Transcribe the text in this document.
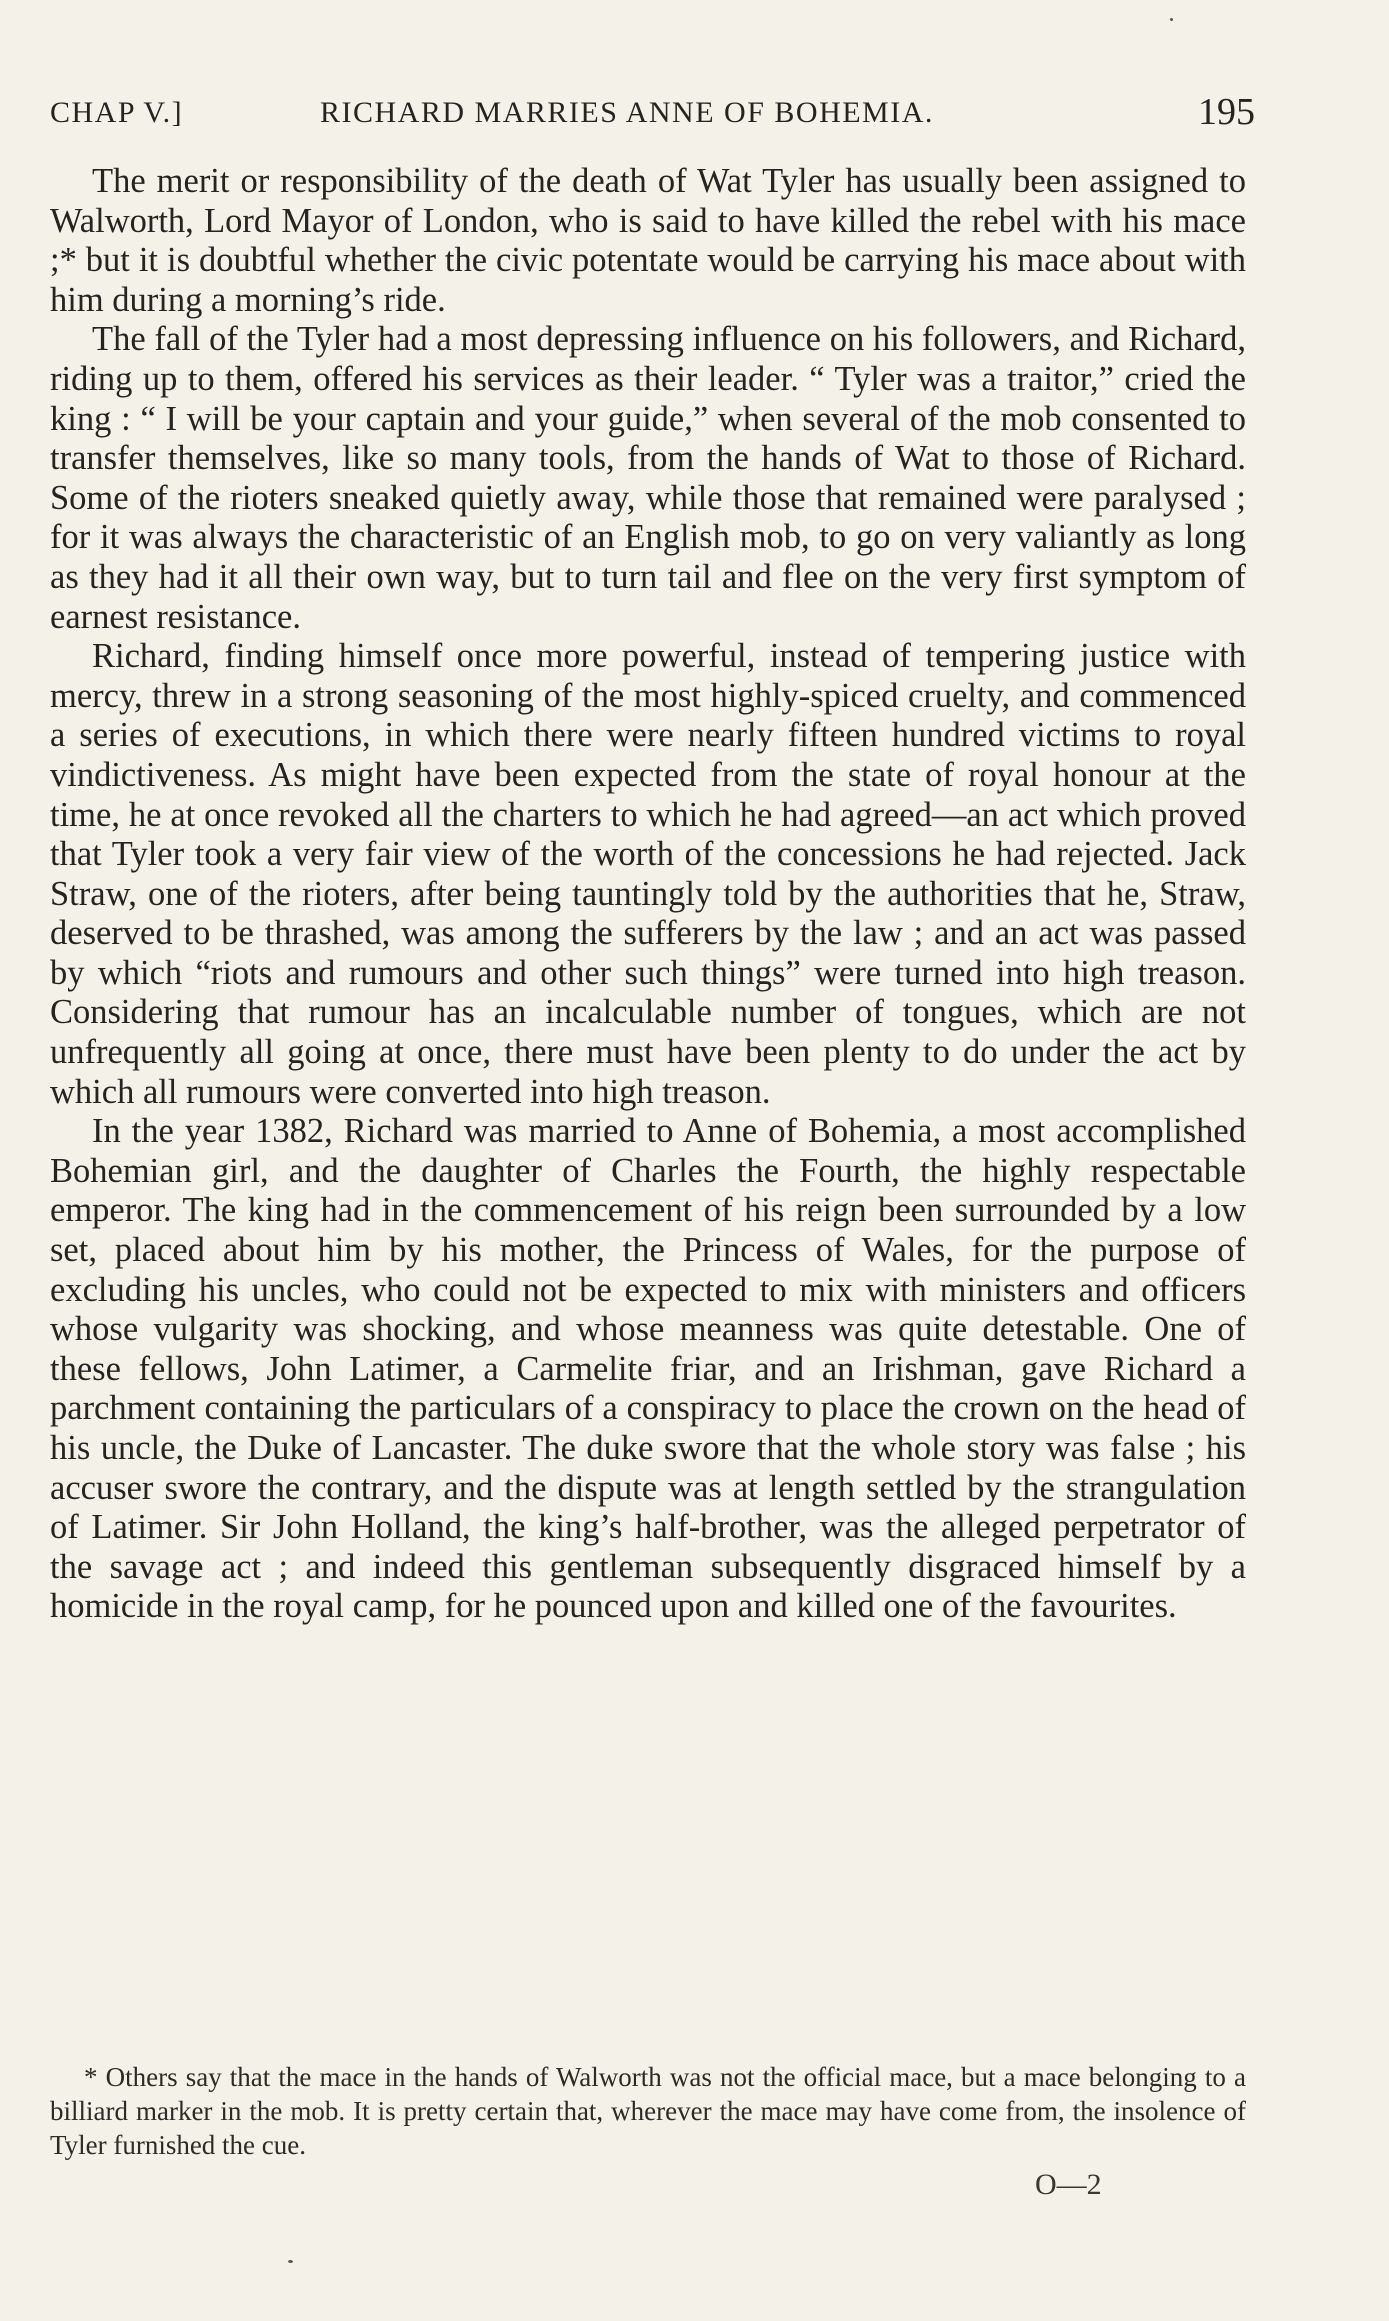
CHAP V.]	RICHARD MARRIES ANNE OF BOHEMIA.	195

The merit or responsibility of the death of Wat Tyler has usually been assigned to Walworth, Lord Mayor of London, who is said to have killed the rebel with his mace ;* but it is doubtful whether the civic potentate would be carrying his mace about with him during a morning’s ride.

The fall of the Tyler had a most depressing influence on his followers, and Richard, riding up to them, offered his services as their leader. “ Tyler was a traitor,” cried the king : “ I will be your captain and your guide,” when several of the mob consented to transfer themselves, like so many tools, from the hands of Wat to those of Richard. Some of the rioters sneaked quietly away, while those that remained were paralysed ; for it was always the characteristic of an English mob, to go on very valiantly as long as they had it all their own way, but to turn tail and flee on the very first symptom of earnest resistance.

Richard, finding himself once more powerful, instead of tempering justice with mercy, threw in a strong seasoning of the most highly-spiced cruelty, and commenced a series of executions, in which there were nearly fifteen hundred victims to royal vindictiveness. As might have been expected from the state of royal honour at the time, he at once revoked all the charters to which he had agreed—an act which proved that Tyler took a very fair view of the worth of the concessions he had rejected. Jack Straw, one of the rioters, after being tauntingly told by the authorities that he, Straw, deserved to be thrashed, was among the sufferers by the law ; and an act was passed by which “riots and rumours and other such things” were turned into high treason. Considering that rumour has an incalculable number of tongues, which are not unfrequently all going at once, there must have been plenty to do under the act by which all rumours were converted into high treason.

In the year 1382, Richard was married to Anne of Bohemia, a most accomplished Bohemian girl, and the daughter of Charles the Fourth, the highly respectable emperor. The king had in the commencement of his reign been surrounded by a low set, placed about him by his mother, the Princess of Wales, for the purpose of excluding his uncles, who could not be expected to mix with ministers and officers whose vulgarity was shocking, and whose meanness was quite detestable. One of these fellows, John Latimer, a Carmelite friar, and an Irishman, gave Richard a parchment containing the particulars of a conspiracy to place the crown on the head of his uncle, the Duke of Lancaster. The duke swore that the whole story was false ; his accuser swore the contrary, and the dispute was at length settled by the strangulation of Latimer. Sir John Holland, the king’s half-brother, was the alleged perpetrator of the savage act ; and indeed this gentleman subsequently disgraced himself by a homicide in the royal camp, for he pounced upon and killed one of the favourites.

* Others say that the mace in the hands of Walworth was not the official mace, but a mace belonging to a billiard marker in the mob. It is pretty certain that, wherever the mace may have come from, the insolence of Tyler furnished the cue.

O—2
